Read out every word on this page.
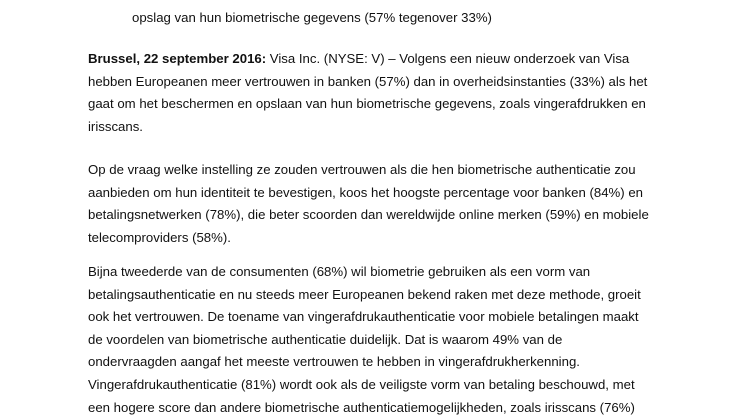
opslag van hun biometrische gegevens (57% tegenover 33%)

Brussel, 22 september 2016: Visa Inc. (NYSE: V) – Volgens een nieuw onderzoek van Visa
hebben Europeanen meer vertrouwen in banken (57%) dan in overheidsinstanties (33%) als het
gaat om het beschermen en opslaan van hun biometrische gegevens, zoals vingerafdrukken en
irisscans.

Op de vraag welke instelling ze zouden vertrouwen als die hen biometrische authenticatie zou
aanbieden om hun identiteit te bevestigen, koos het hoogste percentage voor banken (84%) en
betalingsnetwerken (78%), die beter scoorden dan wereldwijde online merken (59%) en mobiele
telecomproviders (58%).

Bijna tweederde van de consumenten (68%) wil biometrie gebruiken als een vorm van
betalingsauthenticatie en nu steeds meer Europeanen bekend raken met deze methode, groeit
ook het vertrouwen. De toename van vingerafdrukauthenticatie voor mobiele betalingen maakt
de voordelen van biometrische authenticatie duidelijk. Dat is waarom 49% van de
ondervraagden aangaf het meeste vertrouwen te hebben in vingerafdrukherkenning.
Vingerafdrukauthenticatie (81%) wordt ook als de veiligste vorm van betaling beschouwd, met
een hogere score dan andere biometrische authenticatiemogelijkheden, zoals irisscans (76%)
